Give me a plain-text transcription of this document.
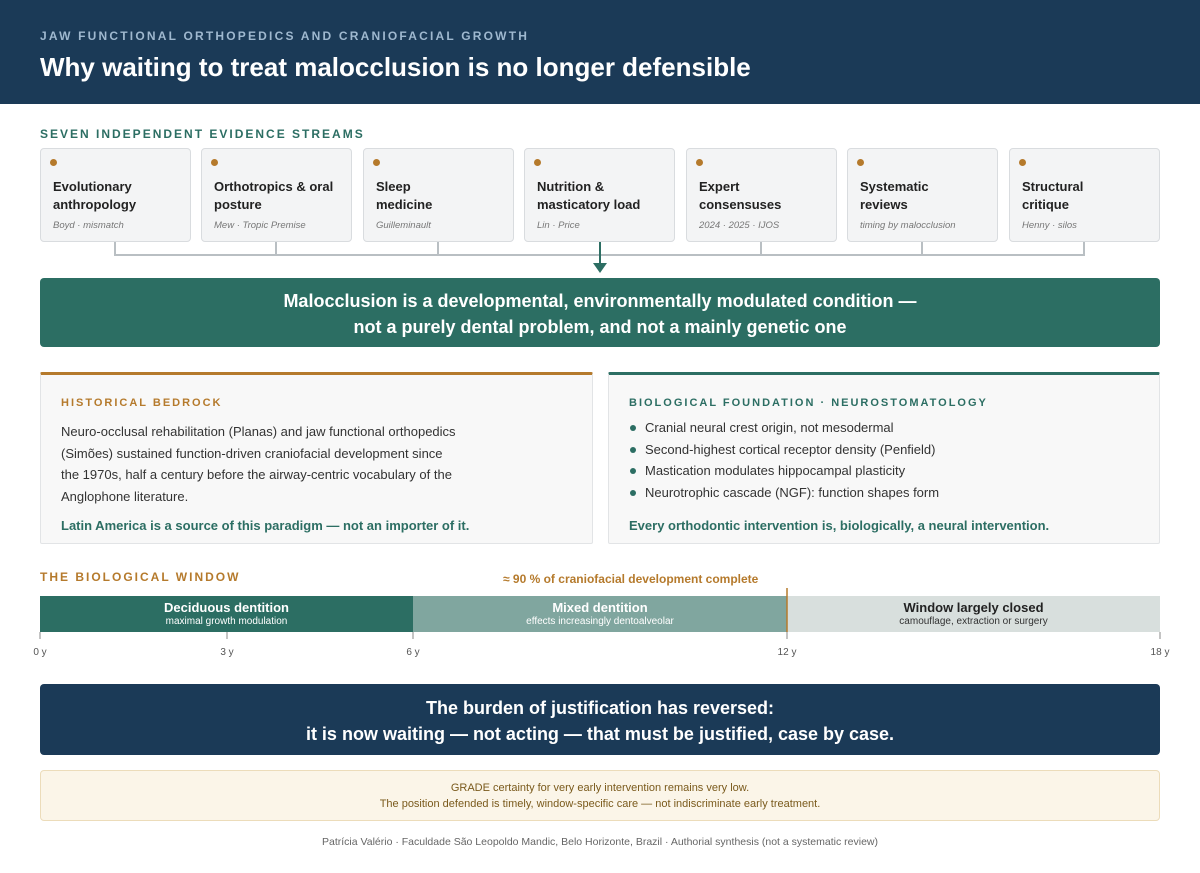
JAW FUNCTIONAL ORTHOPEDICS AND CRANIOFACIAL GROWTH
Why waiting to treat malocclusion is no longer defensible
SEVEN INDEPENDENT EVIDENCE STREAMS
Evolutionary anthropology
Boyd · mismatch
Orthotropics & oral posture
Mew · Tropic Premise
Sleep medicine
Guilleminault
Nutrition & masticatory load
Lin · Price
Expert consensuses
2024 · 2025 · IJOS
Systematic reviews
timing by malocclusion
Structural critique
Henny · silos
Malocclusion is a developmental, environmentally modulated condition —
not a purely dental problem, and not a mainly genetic one
HISTORICAL BEDROCK
Neuro-occlusal rehabilitation (Planas) and jaw functional orthopedics (Simões) sustained function-driven craniofacial development since the 1970s, half a century before the airway-centric vocabulary of the Anglophone literature.
Latin America is a source of this paradigm — not an importer of it.
BIOLOGICAL FOUNDATION · NEUROSTOMATOLOGY
Cranial neural crest origin, not mesodermal
Second-highest cortical receptor density (Penfield)
Mastication modulates hippocampal plasticity
Neurotrophic cascade (NGF): function shapes form
Every orthodontic intervention is, biologically, a neural intervention.
THE BIOLOGICAL WINDOW	≈ 90 % of craniofacial development complete
Deciduous dentition
maximal growth modulation
Mixed dentition
effects increasingly dentoalveolar
Window largely closed
camouflage, extraction or surgery
0 y	3 y	6 y	12 y	18 y
The burden of justification has reversed:
it is now waiting — not acting — that must be justified, case by case.
GRADE certainty for very early intervention remains very low.
The position defended is timely, window-specific care — not indiscriminate early treatment.
Patrícia Valério · Faculdade São Leopoldo Mandic, Belo Horizonte, Brazil · Authorial synthesis (not a systematic review)
